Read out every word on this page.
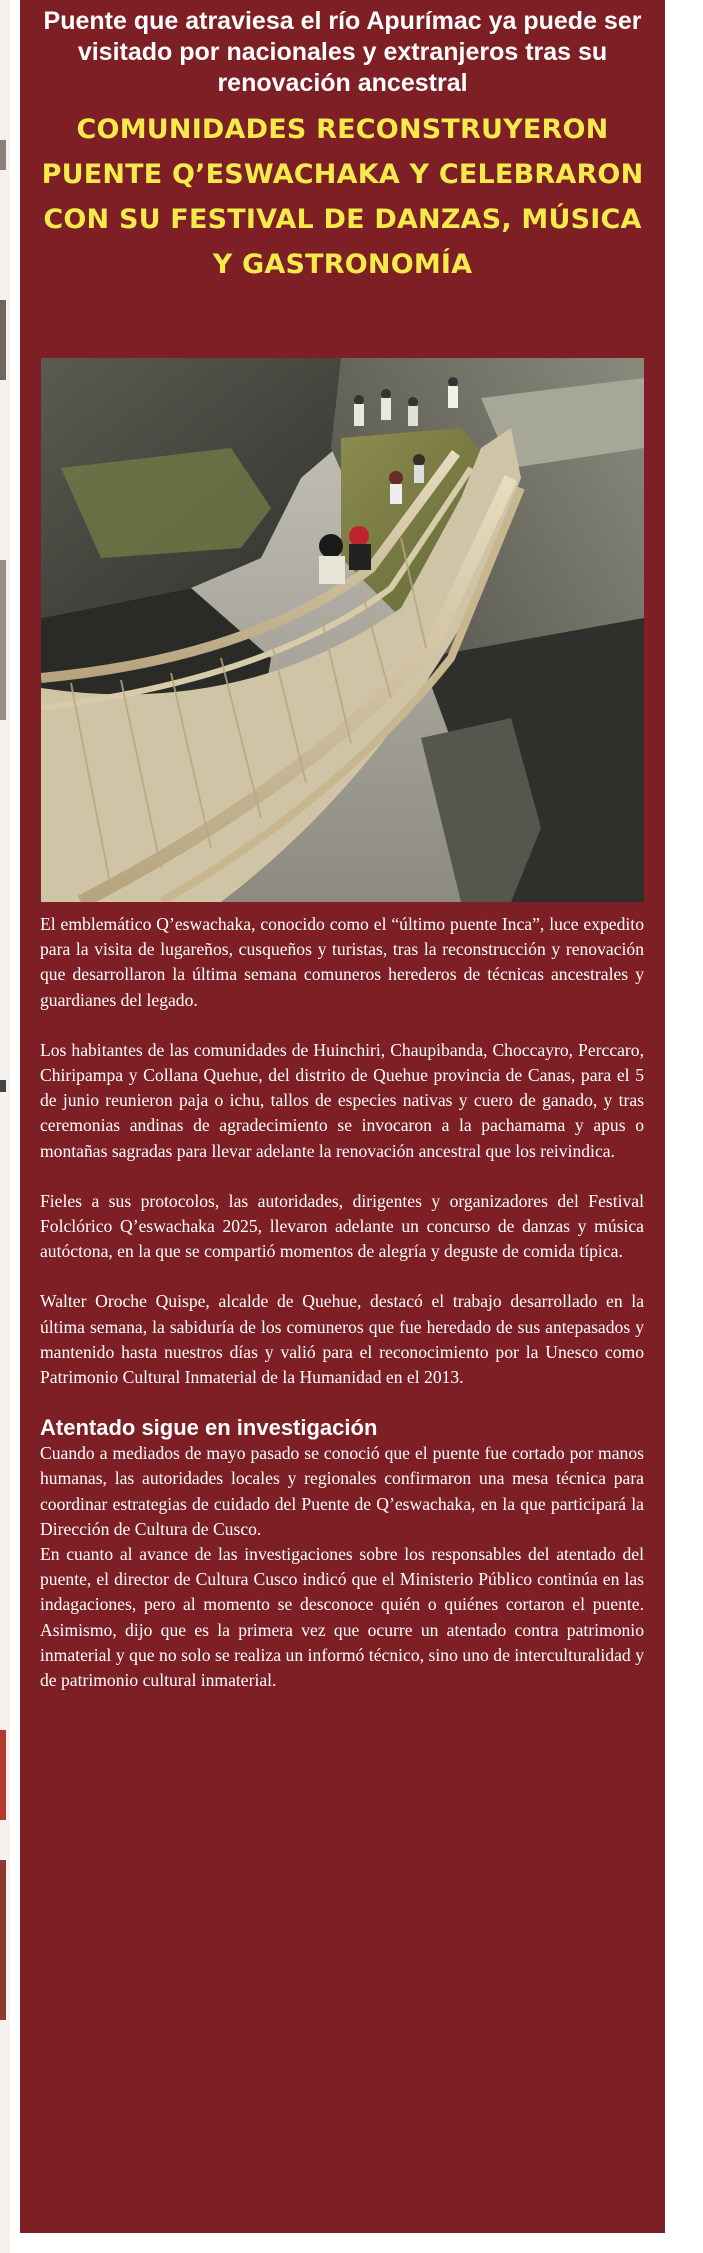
Puente que atraviesa el río Apurímac ya puede ser visitado por nacionales y extranjeros tras su renovación ancestral
COMUNIDADES RECONSTRUYERON PUENTE Q’ESWACHAKA Y CELEBRARON CON SU FESTIVAL DE DANZAS, MÚSICA Y GASTRONOMÍA

El emblemático Q’eswachaka, conocido como el “último puente Inca”, luce expedito para la visita de lugareños, cusqueños y turistas, tras la reconstrucción y renovación que desarrollaron la última semana comuneros herederos de técnicas ancestrales y guardianes del legado.

Los habitantes de las comunidades de Huinchiri, Chaupibanda, Choccayro, Perccaro, Chiripampa y Collana Quehue, del distrito de Quehue provincia de Canas, para el 5 de junio reunieron paja o ichu, tallos de especies nativas y cuero de ganado, y tras ceremonias andinas de agradecimiento se invocaron a la pachamama y apus o montañas sagradas para llevar adelante la renovación ancestral que los reivindica.

Fieles a sus protocolos, las autoridades, dirigentes y organizadores del Festival Folclórico Q’eswachaka 2025, llevaron adelante un concurso de danzas y música autóctona, en la que se compartió momentos de alegría y deguste de comida típica.

Walter Oroche Quispe, alcalde de Quehue, destacó el trabajo desarrollado en la última semana, la sabiduría de los comuneros que fue heredado de sus antepasados y mantenido hasta nuestros días y valió para el reconocimiento por la Unesco como Patrimonio Cultural Inmaterial de la Humanidad en el 2013.

Atentado sigue en investigación

Cuando a mediados de mayo pasado se conoció que el puente fue cortado por manos humanas, las autoridades locales y regionales confirmaron una mesa técnica para coordinar estrategias de cuidado del Puente de Q’eswachaka, en la que participará la Dirección de Cultura de Cusco.

En cuanto al avance de las investigaciones sobre los responsables del atentado del puente, el director de Cultura Cusco indicó que el Ministerio Público continúa en las indagaciones, pero al momento se desconoce quién o quiénes cortaron el puente. Asimismo, dijo que es la primera vez que ocurre un atentado contra patrimonio inmaterial y que no solo se realiza un informó técnico, sino uno de interculturalidad y de patrimonio cultural inmaterial.
